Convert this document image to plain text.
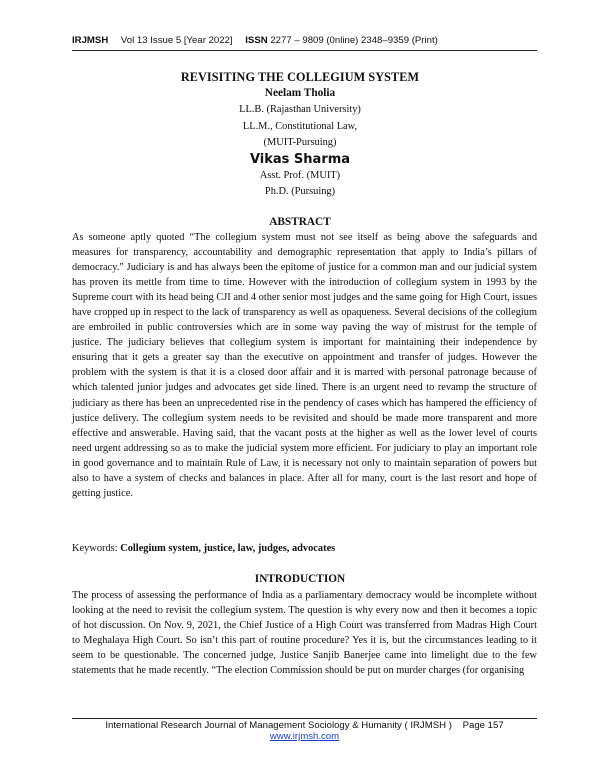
IRJMSH Vol 13 Issue 5 [Year 2022] ISSN 2277 – 9809 (0nline) 2348–9359 (Print)
REVISITING THE COLLEGIUM SYSTEM
Neelam Tholia
LL.B. (Rajasthan University)
LL.M., Constitutional Law,
(MUIT-Pursuing)
Vikas Sharma
Asst. Prof. (MUIT)
Ph.D. (Pursuing)
ABSTRACT
As someone aptly quoted “The collegium system must not see itself as being above the safeguards and measures for transparency, accountability and demographic representation that apply to India’s pillars of democracy.” Judiciary is and has always been the epitome of justice for a common man and our judicial system has proven its mettle from time to time. However with the introduction of collegium system in 1993 by the Supreme court with its head being CJI and 4 other senior most judges and the same going for High Court, issues have cropped up in respect to the lack of transparency as well as opaqueness. Several decisions of the collegium are embroiled in public controversies which are in some way paving the way of mistrust for the temple of justice. The judiciary believes that collegium system is important for maintaining their independence by ensuring that it gets a greater say than the executive on appointment and transfer of judges. However the problem with the system is that it is a closed door affair and it is marred with personal patronage because of which talented junior judges and advocates get side lined. There is an urgent need to revamp the structure of judiciary as there has been an unprecedented rise in the pendency of cases which has hampered the efficiency of justice delivery. The collegium system needs to be revisited and should be made more transparent and more effective and answerable. Having said, that the vacant posts at the higher as well as the lower level of courts need urgent addressing so as to make the judicial system more efficient. For judiciary to play an important role in good governance and to maintain Rule of Law, it is necessary not only to maintain separation of powers but also to have a system of checks and balances in place. After all for many, court is the last resort and hope of getting justice.
Keywords: Collegium system, justice, law, judges, advocates
INTRODUCTION
The process of assessing the performance of India as a parliamentary democracy would be incomplete without looking at the need to revisit the collegium system. The question is why every now and then it becomes a topic of hot discussion. On Nov. 9, 2021, the Chief Justice of a High Court was transferred from Madras High Court to Meghalaya High Court. So isn’t this part of routine procedure? Yes it is, but the circumstances leading to it seem to be questionable. The concerned judge, Justice Sanjib Banerjee came into limelight due to the few statements that he made recently. “The election Commission should be put on murder charges (for organising
International Research Journal of Management Sociology & Humanity ( IRJMSH ) Page 157
www.irjmsh.com
